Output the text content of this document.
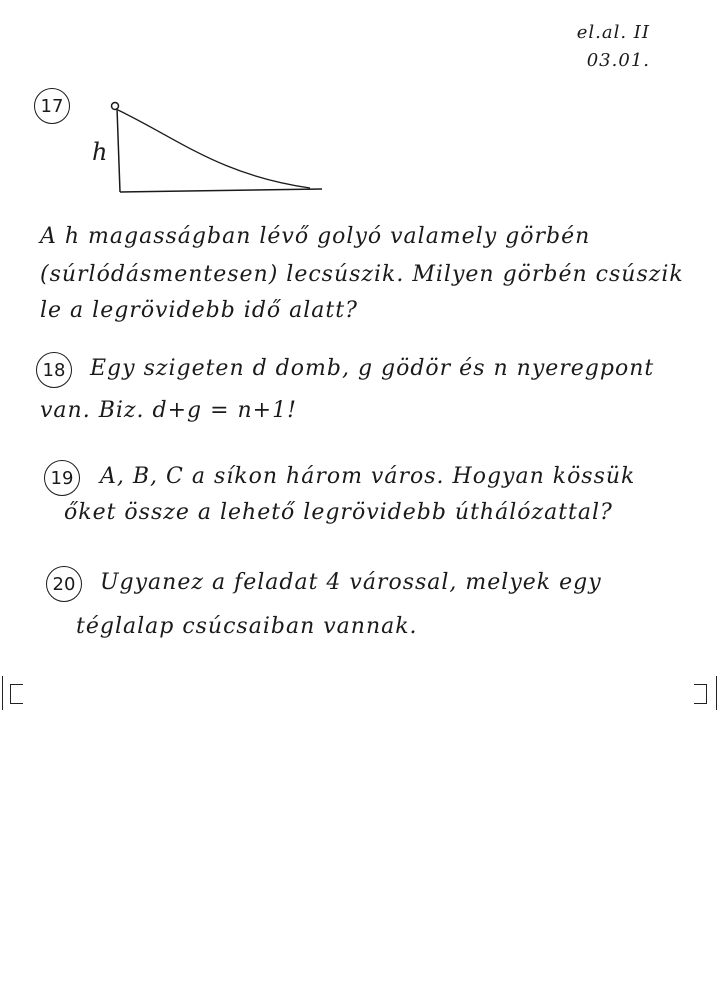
el.al. II
03.01.
17
h
A h magasságban lévő golyó valamely görbén
(súrlódásmentesen) lecsúszik. Milyen görbén csúszik
le a legrövidebb idő alatt?
18 Egy szigeten d domb, g gödör és n nyeregpont
van. Biz. d+g = n+1!
19 A, B, C a síkon három város. Hogyan kössük
őket össze a lehető legrövidebb úthálózattal?
20 Ugyanez a feladat 4 várossal, melyek egy
téglalap csúcsaiban vannak.
